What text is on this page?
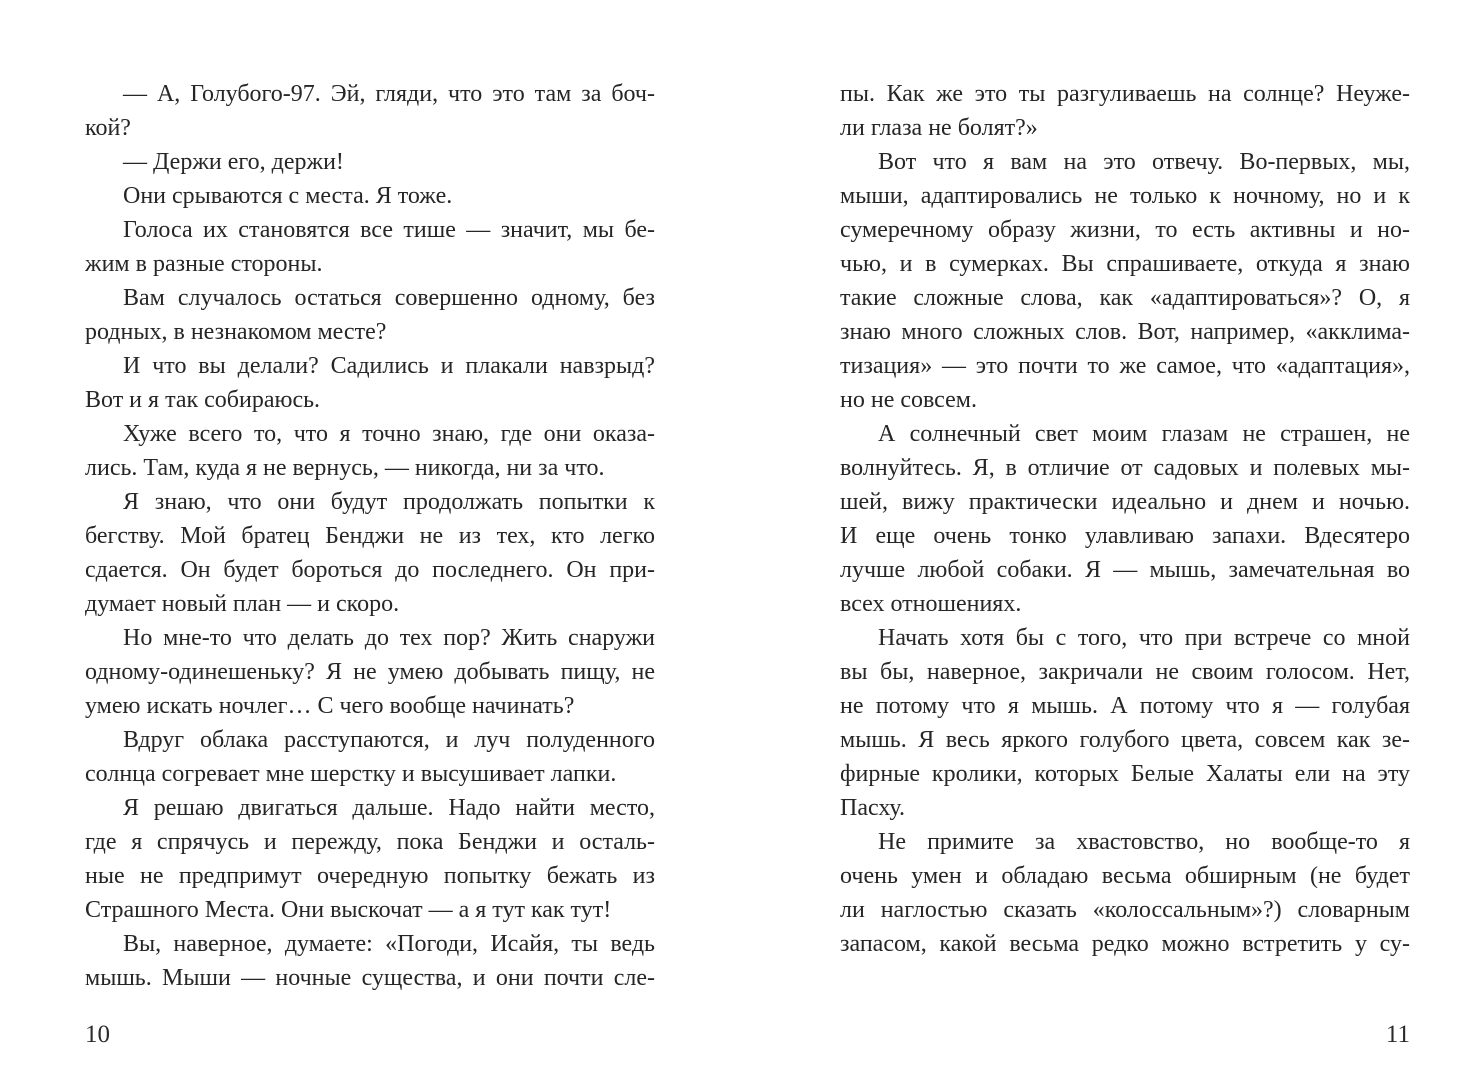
— А, Голубого-97. Эй, гляди, что это там за боч-
кой?
— Держи его, держи!
Они срываются с места. Я тоже.
Голоса их становятся все тише — значит, мы бе-
жим в разные стороны.
Вам случалось остаться совершенно одному, без
родных, в незнакомом месте?
И что вы делали? Садились и плакали навзрыд?
Вот и я так собираюсь.
Хуже всего то, что я точно знаю, где они оказа-
лись. Там, куда я не вернусь, — никогда, ни за что.
Я знаю, что они будут продолжать попытки к
бегству. Мой братец Бенджи не из тех, кто легко
сдается. Он будет бороться до последнего. Он при-
думает новый план — и скоро.
Но мне-то что делать до тех пор? Жить снаружи
одному-одинешеньку? Я не умею добывать пищу, не
умею искать ночлег… С чего вообще начинать?
Вдруг облака расступаются, и луч полуденного
солнца согревает мне шерстку и высушивает лапки.
Я решаю двигаться дальше. Надо найти место,
где я спрячусь и пережду, пока Бенджи и осталь-
ные не предпримут очередную попытку бежать из
Страшного Места. Они выскочат — а я тут как тут!
Вы, наверное, думаете: «Погоди, Исайя, ты ведь
мышь. Мыши — ночные существа, и они почти сле-
пы. Как же это ты разгуливаешь на солнце? Неуже-
ли глаза не болят?»
Вот что я вам на это отвечу. Во-первых, мы,
мыши, адаптировались не только к ночному, но и к
сумеречному образу жизни, то есть активны и но-
чью, и в сумерках. Вы спрашиваете, откуда я знаю
такие сложные слова, как «адаптироваться»? О, я
знаю много сложных слов. Вот, например, «акклима-
тизация» — это почти то же самое, что «адаптация»,
но не совсем.
А солнечный свет моим глазам не страшен, не
волнуйтесь. Я, в отличие от садовых и полевых мы-
шей, вижу практически идеально и днем и ночью.
И еще очень тонко улавливаю запахи. Вдесятеро
лучше любой собаки. Я — мышь, замечательная во
всех отношениях.
Начать хотя бы с того, что при встрече со мной
вы бы, наверное, закричали не своим голосом. Нет,
не потому что я мышь. А потому что я — голубая
мышь. Я весь яркого голубого цвета, совсем как зе-
фирные кролики, которых Белые Халаты ели на эту
Пасху.
Не примите за хвастовство, но вообще-то я
очень умен и обладаю весьма обширным (не будет
ли наглостью сказать «колоссальным»?) словарным
запасом, какой весьма редко можно встретить у су-
10	11
